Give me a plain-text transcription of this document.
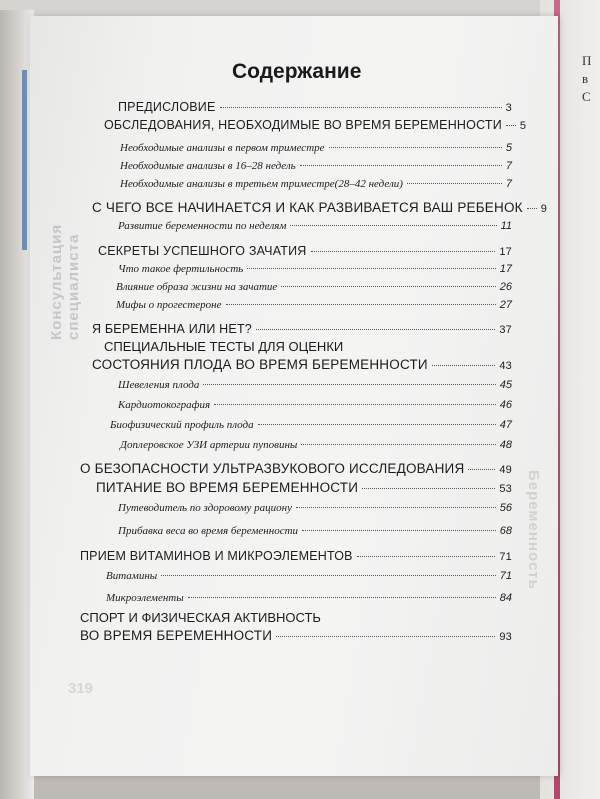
П
в
С
Консультация специалиста
Беременность
319
Содержание
ПРЕДИСЛОВИЕ	3
ОБСЛЕДОВАНИЯ, НЕОБХОДИМЫЕ ВО ВРЕМЯ БЕРЕМЕННОСТИ 5
Необходимые анализы в первом триместре	5
Необходимые анализы в 16–28 недель	7
Необходимые анализы в третьем триместре(28–42 недели)	7
С ЧЕГО ВСЕ НАЧИНАЕТСЯ И КАК РАЗВИВАЕТСЯ ВАШ РЕБЕНОК 9
Развитие беременности по неделям	11
СЕКРЕТЫ УСПЕШНОГО ЗАЧАТИЯ	17
Что такое фертильность	17
Влияние образа жизни на зачатие	26
Мифы о прогестероне	27
Я БЕРЕМЕННА ИЛИ НЕТ?	37
СПЕЦИАЛЬНЫЕ ТЕСТЫ ДЛЯ ОЦЕНКИ
СОСТОЯНИЯ ПЛОДА ВО ВРЕМЯ БЕРЕМЕННОСТИ	43
Шевеления плода	45
Кардиотокография	46
Биофизический профиль плода	47
Доплеровское УЗИ артерии пуповины	48
О БЕЗОПАСНОСТИ УЛЬТРАЗВУКОВОГО ИССЛЕДОВАНИЯ	49
ПИТАНИЕ ВО ВРЕМЯ БЕРЕМЕННОСТИ	53
Путеводитель по здоровому рациону	56
Прибавка веса во время беременности	68
ПРИЕМ ВИТАМИНОВ И МИКРОЭЛЕМЕНТОВ	71
Витамины	71
Микроэлементы	84
СПОРТ И ФИЗИЧЕСКАЯ АКТИВНОСТЬ
ВО ВРЕМЯ БЕРЕМЕННОСТИ	93
